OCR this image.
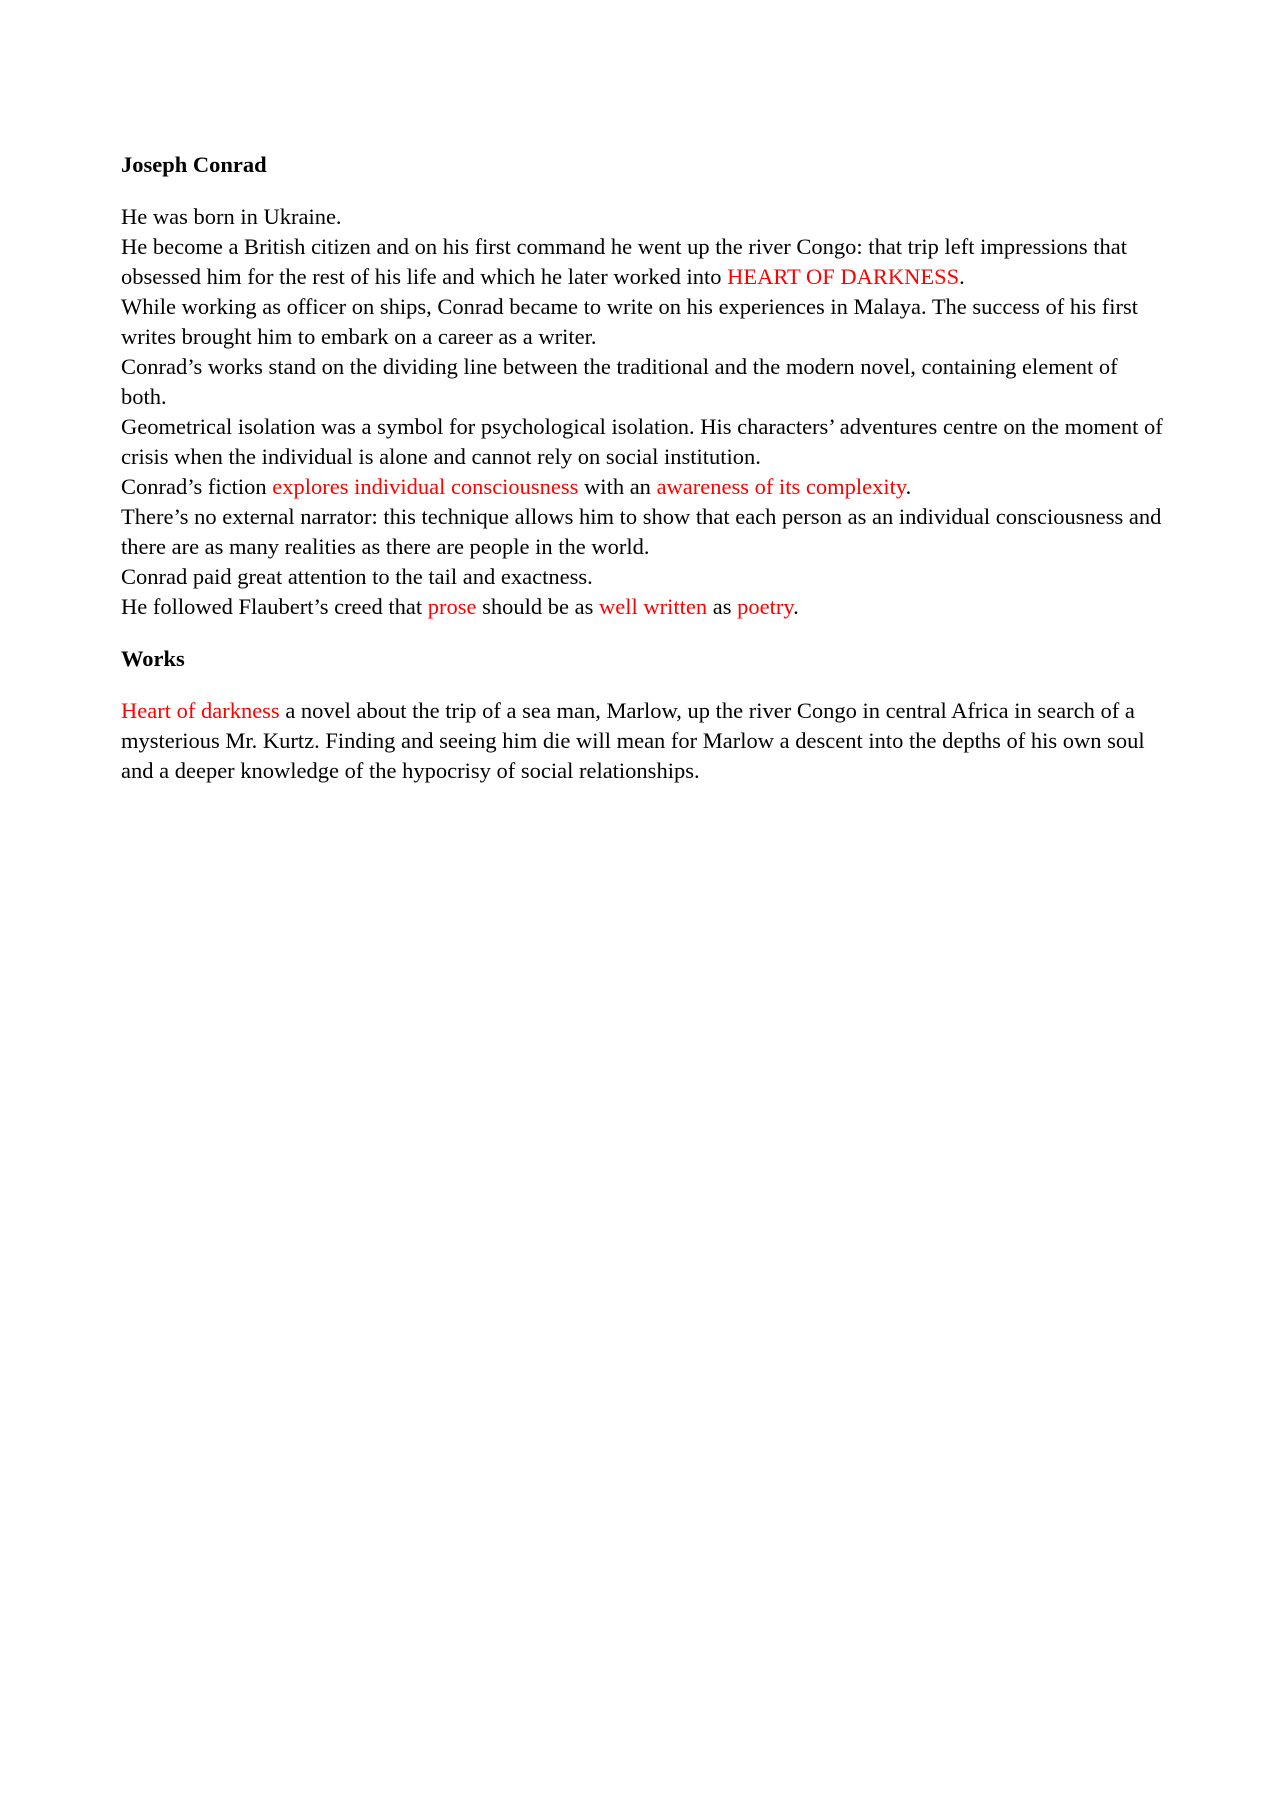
Joseph Conrad

He was born in Ukraine.

He become a British citizen and on his first command he went up the river Congo: that trip left impressions that obsessed him for the rest of his life and which he later worked into HEART OF DARKNESS.

While working as officer on ships, Conrad became to write on his experiences in Malaya. The success of his first writes brought him to embark on a career as a writer.

Conrad’s works stand on the dividing line between the traditional and the modern novel, containing element of both.

Geometrical isolation was a symbol for psychological isolation. His characters’ adventures centre on the moment of crisis when the individual is alone and cannot rely on social institution.

Conrad’s fiction explores individual consciousness with an awareness of its complexity.

There’s no external narrator: this technique allows him to show that each person as an individual consciousness and there are as many realities as there are people in the world.

Conrad paid great attention to the tail and exactness.

He followed Flaubert’s creed that prose should be as well written as poetry.

Works

Heart of darkness a novel about the trip of a sea man, Marlow, up the river Congo in central Africa in search of a mysterious Mr. Kurtz. Finding and seeing him die will mean for Marlow a descent into the depths of his own soul and a deeper knowledge of the hypocrisy of social relationships.
